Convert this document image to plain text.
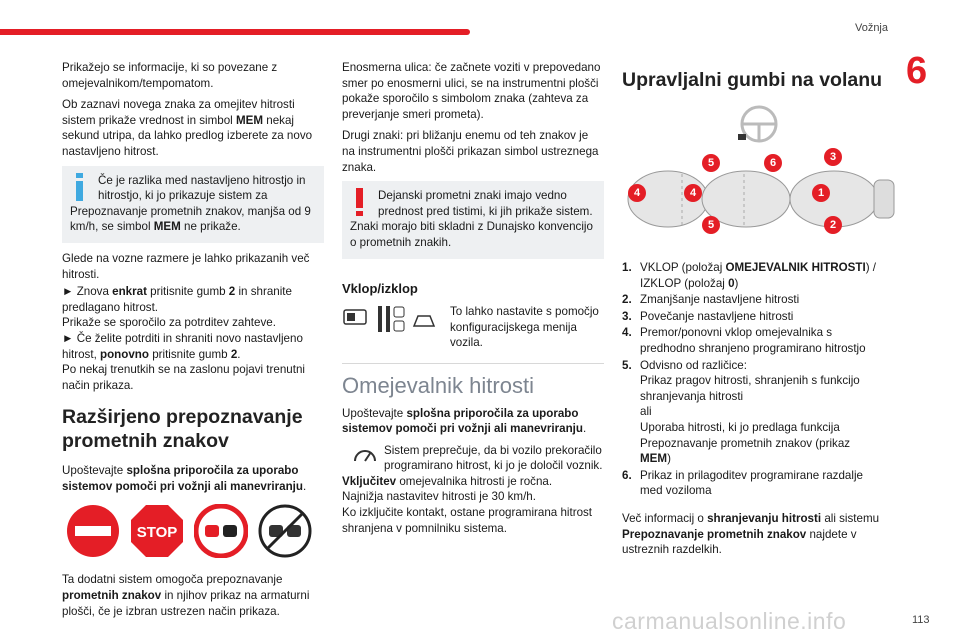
Vožnja
6

Prikažejo se informacije, ki so povezane z omejevalnikom/tempomatom.

Ob zaznavi novega znaka za omejitev hitrosti sistem prikaže vrednost in simbol MEM nekaj sekund utripa, da lahko predlog izberete za novo nastavljeno hitrost.

Če je razlika med nastavljeno hitrostjo in hitrostjo, ki jo prikazuje sistem za Prepoznavanje prometnih znakov, manjša od 9 km/h, se simbol MEM ne prikaže.

Glede na vozne razmere je lahko prikazanih več hitrosti.

► Znova enkrat pritisnite gumb 2 in shranite predlagano hitrost.

Prikaže se sporočilo za potrditev zahteve.

► Če želite potrditi in shraniti novo nastavljeno hitrost, ponovno pritisnite gumb 2.

Po nekaj trenutkih se na zaslonu pojavi trenutni način prikaza.

Razširjeno prepoznavanje prometnih znakov

Upoštevajte splošna priporočila za uporabo sistemov pomoči pri vožnji ali manevriranju.

STOP

Ta dodatni sistem omogoča prepoznavanje prometnih znakov in njihov prikaz na armaturni plošči, če je izbran ustrezen način prikaza.

Enosmerna ulica: če začnete voziti v prepovedano smer po enosmerni ulici, se na instrumentni plošči pokaže sporočilo s simbolom znaka (zahteva za preverjanje smeri prometa).

Drugi znaki: pri bližanju enemu od teh znakov je na instrumentni plošči prikazan simbol ustreznega znaka.

Dejanski prometni znaki imajo vedno prednost pred tistimi, ki jih prikaže sistem.
Znaki morajo biti skladni z Dunajsko konvencijo o prometnih znakih.
Vklop/izklop
To lahko nastavite s pomočjo konfiguracijskega menija vozila.
Omejevalnik hitrosti

Upoštevajte splošna priporočila za uporabo sistemov pomoči pri vožnji ali manevriranju.

Sistem preprečuje, da bi vozilo prekoračilo programirano hitrost, ki jo je določil voznik.

Vključitev omejevalnika hitrosti je ročna.

Najnižja nastavitev hitrosti je 30 km/h.

Ko izključite kontakt, ostane programirana hitrost shranjena v pomnilniku sistema.

Upravljalni gumbi na volanu
5	6	3
4	4	1
5	2
1. VKLOP (položaj OMEJEVALNIK HITROSTI) / IZKLOP (položaj 0)
2. Zmanjšanje nastavljene hitrosti
3. Povečanje nastavljene hitrosti
4. Premor/ponovni vklop omejevalnika s predhodno shranjeno programirano hitrostjo
5. Odvisno od različice:
Prikaz pragov hitrosti, shranjenih s funkcijo shranjevanja hitrosti
ali
Uporaba hitrosti, ki jo predlaga funkcija Prepoznavanje prometnih znakov (prikaz MEM)
6. Prikaz in prilagoditev programirane razdalje med voziloma

Več informacij o shranjevanju hitrosti ali sistemu Prepoznavanje prometnih znakov najdete v ustreznih razdelkih.

carmanualsonline.info	113
